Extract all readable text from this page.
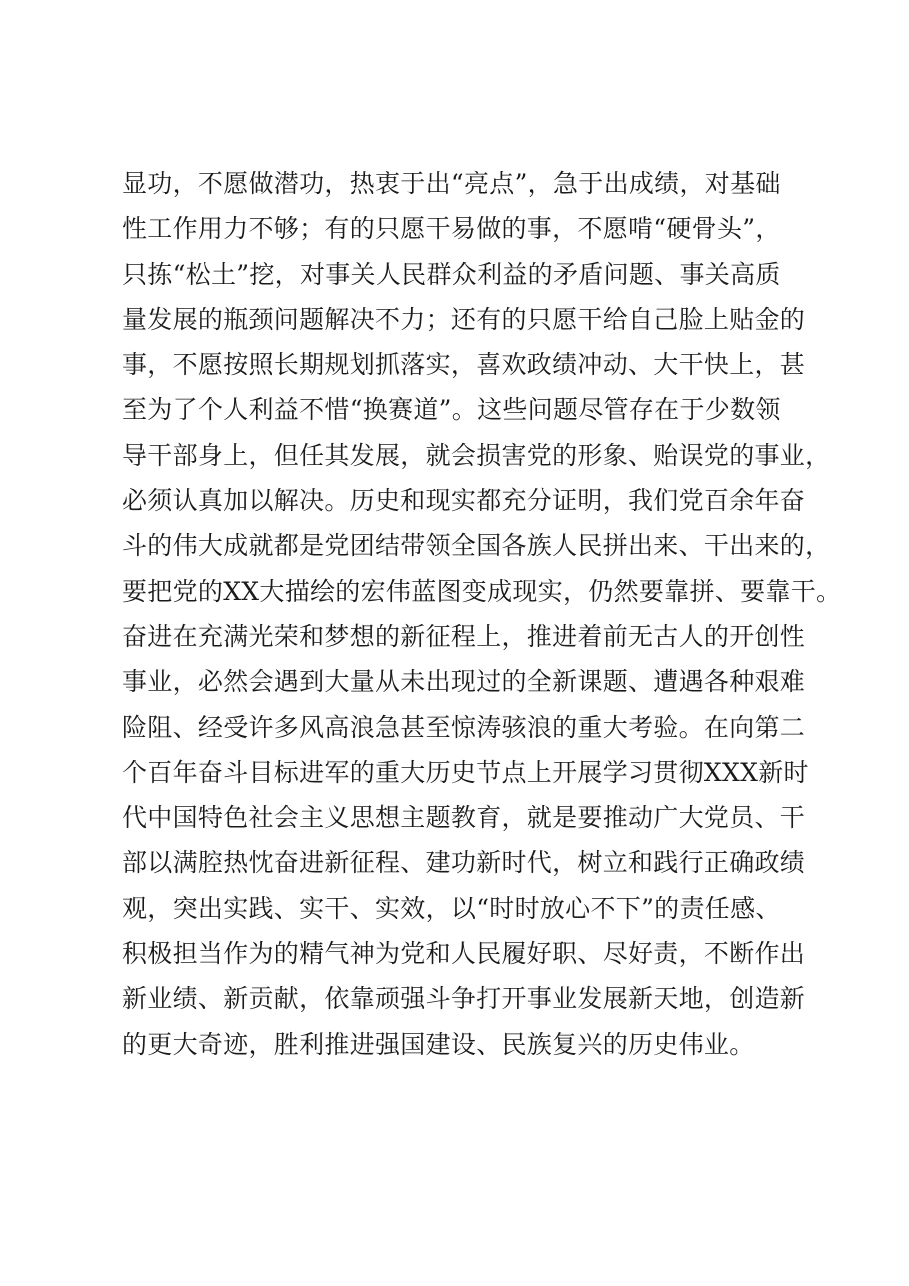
显功，不愿做潜功，热衷于出“亮点”，急于出成绩，对基础
性工作用力不够；有的只愿干易做的事，不愿啃“硬骨头”，
只拣“松土”挖，对事关人民群众利益的矛盾问题、事关高质
量发展的瓶颈问题解决不力；还有的只愿干给自己脸上贴金的
事，不愿按照长期规划抓落实，喜欢政绩冲动、大干快上，甚
至为了个人利益不惜“换赛道”。这些问题尽管存在于少数领
导干部身上，但任其发展，就会损害党的形象、贻误党的事业，
必须认真加以解决。历史和现实都充分证明，我们党百余年奋
斗的伟大成就都是党团结带领全国各族人民拼出来、干出来的，
要把党的XX大描绘的宏伟蓝图变成现实，仍然要靠拼、要靠干。
奋进在充满光荣和梦想的新征程上，推进着前无古人的开创性
事业，必然会遇到大量从未出现过的全新课题、遭遇各种艰难
险阻、经受许多风高浪急甚至惊涛骇浪的重大考验。在向第二
个百年奋斗目标进军的重大历史节点上开展学习贯彻XXX新时
代中国特色社会主义思想主题教育，就是要推动广大党员、干
部以满腔热忱奋进新征程、建功新时代，树立和践行正确政绩
观，突出实践、实干、实效，以“时时放心不下”的责任感、
积极担当作为的精气神为党和人民履好职、尽好责，不断作出
新业绩、新贡献，依靠顽强斗争打开事业发展新天地，创造新
的更大奇迹，胜利推进强国建设、民族复兴的历史伟业。
